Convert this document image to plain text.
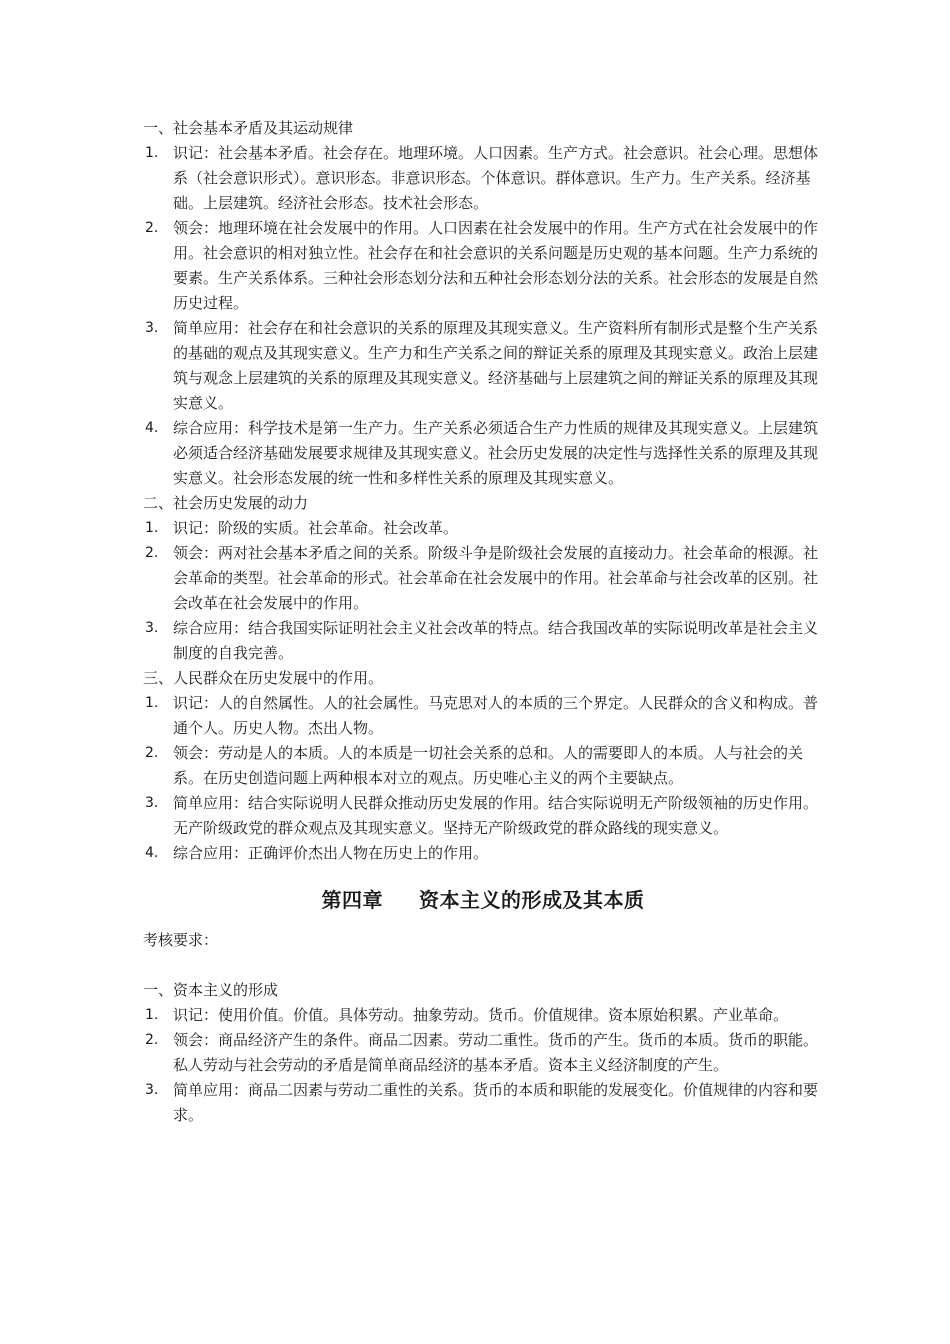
一、社会基本矛盾及其运动规律

1. 识记：社会基本矛盾。社会存在。地理环境。人口因素。生产方式。社会意识。社会心理。思想体系（社会意识形式）。意识形态。非意识形态。个体意识。群体意识。生产力。生产关系。经济基础。上层建筑。经济社会形态。技术社会形态。
2. 领会：地理环境在社会发展中的作用。人口因素在社会发展中的作用。生产方式在社会发展中的作用。社会意识的相对独立性。社会存在和社会意识的关系问题是历史观的基本问题。生产力系统的要素。生产关系体系。三种社会形态划分法和五种社会形态划分法的关系。社会形态的发展是自然历史过程。
3. 简单应用：社会存在和社会意识的关系的原理及其现实意义。生产资料所有制形式是整个生产关系的基础的观点及其现实意义。生产力和生产关系之间的辩证关系的原理及其现实意义。政治上层建筑与观念上层建筑的关系的原理及其现实意义。经济基础与上层建筑之间的辩证关系的原理及其现实意义。
4. 综合应用：科学技术是第一生产力。生产关系必须适合生产力性质的规律及其现实意义。上层建筑必须适合经济基础发展要求规律及其现实意义。社会历史发展的决定性与选择性关系的原理及其现实意义。社会形态发展的统一性和多样性关系的原理及其现实意义。

二、社会历史发展的动力

1. 识记：阶级的实质。社会革命。社会改革。
2. 领会：两对社会基本矛盾之间的关系。阶级斗争是阶级社会发展的直接动力。社会革命的根源。社会革命的类型。社会革命的形式。社会革命在社会发展中的作用。社会革命与社会改革的区别。社会改革在社会发展中的作用。
3. 综合应用：结合我国实际证明社会主义社会改革的特点。结合我国改革的实际说明改革是社会主义制度的自我完善。

三、人民群众在历史发展中的作用。

1. 识记：人的自然属性。人的社会属性。马克思对人的本质的三个界定。人民群众的含义和构成。普通个人。历史人物。杰出人物。
2. 领会：劳动是人的本质。人的本质是一切社会关系的总和。人的需要即人的本质。人与社会的关系。在历史创造问题上两种根本对立的观点。历史唯心主义的两个主要缺点。
3. 简单应用：结合实际说明人民群众推动历史发展的作用。结合实际说明无产阶级领袖的历史作用。无产阶级政党的群众观点及其现实意义。坚持无产阶级政党的群众路线的现实意义。
4. 综合应用：正确评价杰出人物在历史上的作用。
第四章 资本主义的形成及其本质

考核要求：

一、资本主义的形成

1. 识记：使用价值。价值。具体劳动。抽象劳动。货币。价值规律。资本原始积累。产业革命。
2. 领会：商品经济产生的条件。商品二因素。劳动二重性。货币的产生。货币的本质。货币的职能。私人劳动与社会劳动的矛盾是简单商品经济的基本矛盾。资本主义经济制度的产生。
3. 简单应用：商品二因素与劳动二重性的关系。货币的本质和职能的发展变化。价值规律的内容和要求。
